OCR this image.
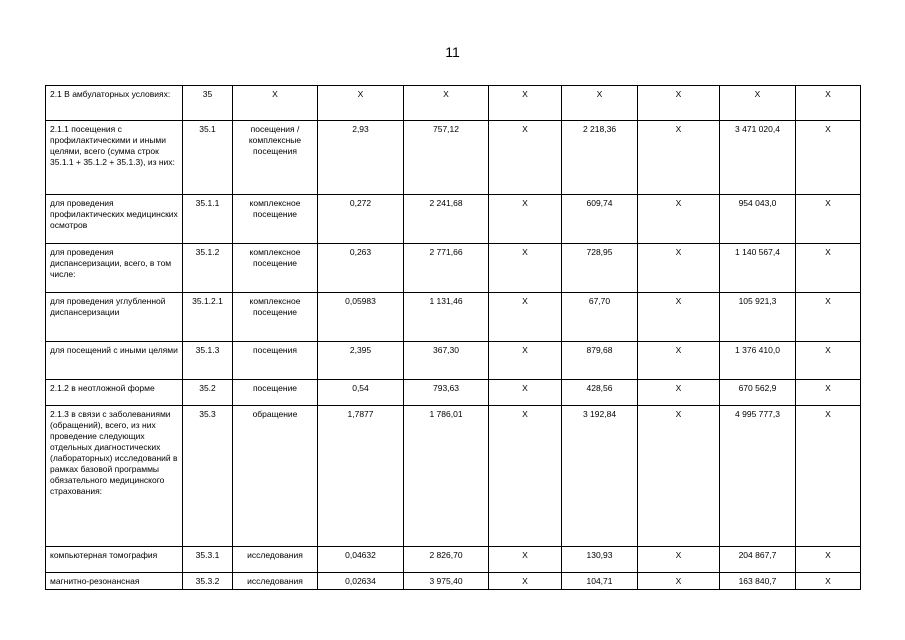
11
2.1 В амбулаторных условиях:	35	X	X	X	X	X	X	X	X
2.1.1 посещения с профилактическими и иными целями, всего (сумма строк 35.1.1 + 35.1.2 + 35.1.3), из них:	35.1	посещения / комплексные посещения	2,93	757,12	X	2 218,36	X	3 471 020,4	X
для проведения профилактических медицинских осмотров	35.1.1	комплексное посещение	0,272	2 241,68	X	609,74	X	954 043,0	X
для проведения диспансеризации, всего, в том числе:	35.1.2	комплексное посещение	0,263	2 771,66	X	728,95	X	1 140 567,4	X
для проведения углубленной диспансеризации	35.1.2.1	комплексное посещение	0,05983	1 131,46	X	67,70	X	105 921,3	X
для посещений с иными целями	35.1.3	посещения	2,395	367,30	X	879,68	X	1 376 410,0	X
2.1.2 в неотложной форме	35.2	посещение	0,54	793,63	X	428,56	X	670 562,9	X
2.1.3 в связи с заболеваниями (обращений), всего, из них проведение следующих отдельных диагностических (лабораторных) исследований в рамках базовой программы обязательного медицинского страхования:	35.3	обращение	1,7877	1 786,01	X	3 192,84	X	4 995 777,3	X
компьютерная томография	35.3.1	исследования	0,04632	2 826,70	X	130,93	X	204 867,7	X
магнитно-резонансная	35.3.2	исследования	0,02634	3 975,40	X	104,71	X	163 840,7	X
